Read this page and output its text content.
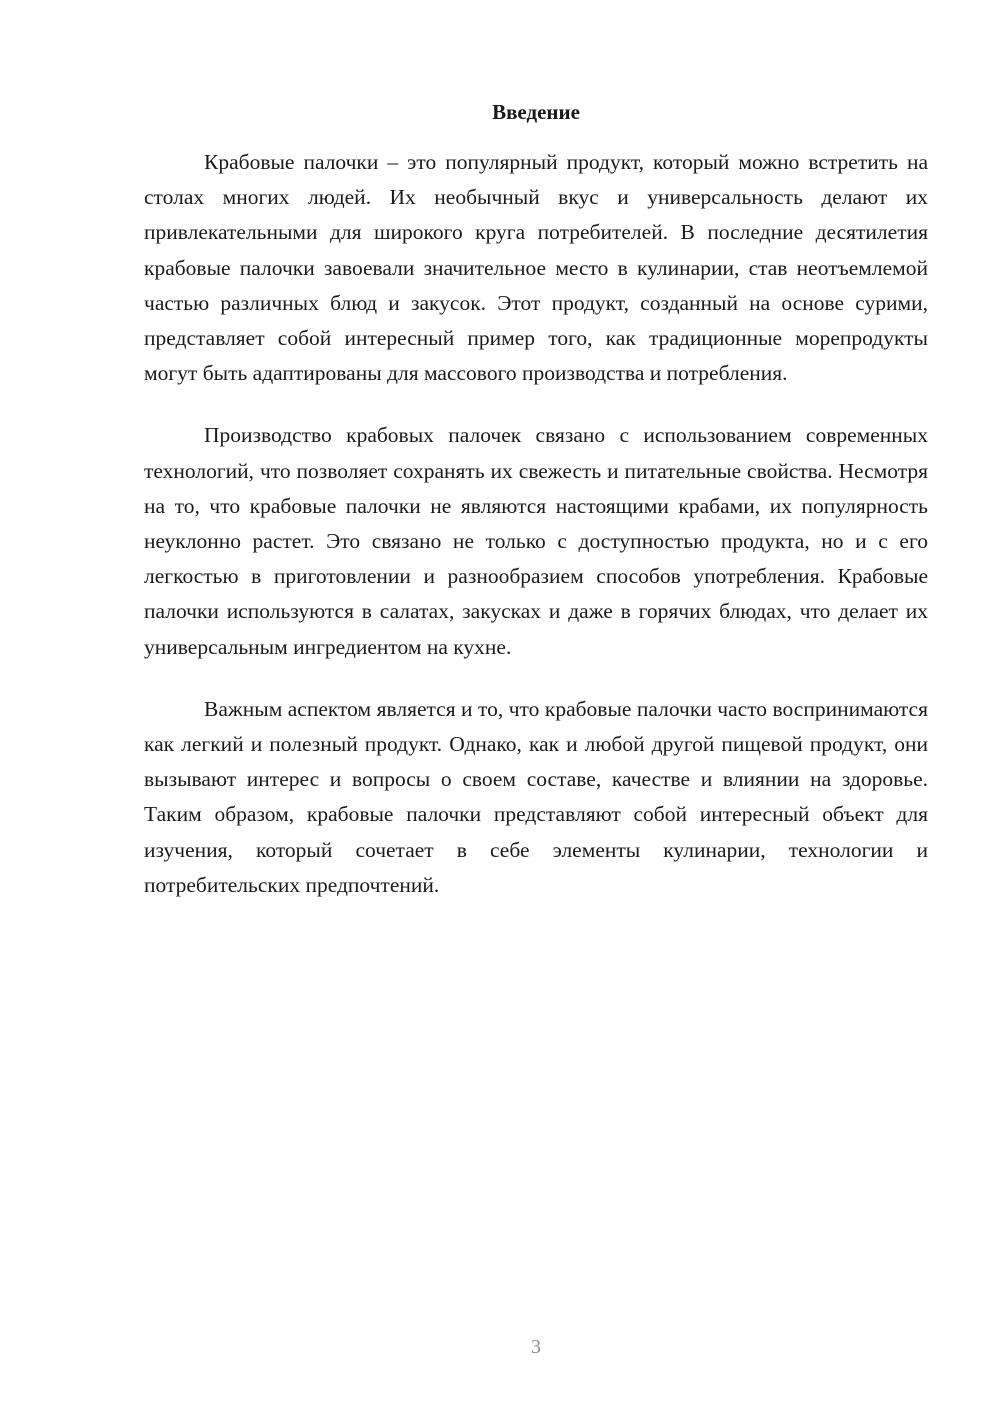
Введение

Крабовые палочки – это популярный продукт, который можно встретить на столах многих людей. Их необычный вкус и универсальность делают их привлекательными для широкого круга потребителей. В последние десятилетия крабовые палочки завоевали значительное место в кулинарии, став неотъемлемой частью различных блюд и закусок. Этот продукт, созданный на основе сурими, представляет собой интересный пример того, как традиционные морепродукты могут быть адаптированы для массового производства и потребления.

Производство крабовых палочек связано с использованием современных технологий, что позволяет сохранять их свежесть и питательные свойства. Несмотря на то, что крабовые палочки не являются настоящими крабами, их популярность неуклонно растет. Это связано не только с доступностью продукта, но и с его легкостью в приготовлении и разнообразием способов употребления. Крабовые палочки используются в салатах, закусках и даже в горячих блюдах, что делает их универсальным ингредиентом на кухне.

Важным аспектом является и то, что крабовые палочки часто воспринимаются как легкий и полезный продукт. Однако, как и любой другой пищевой продукт, они вызывают интерес и вопросы о своем составе, качестве и влиянии на здоровье. Таким образом, крабовые палочки представляют собой интересный объект для изучения, который сочетает в себе элементы кулинарии, технологии и потребительских предпочтений.

3
